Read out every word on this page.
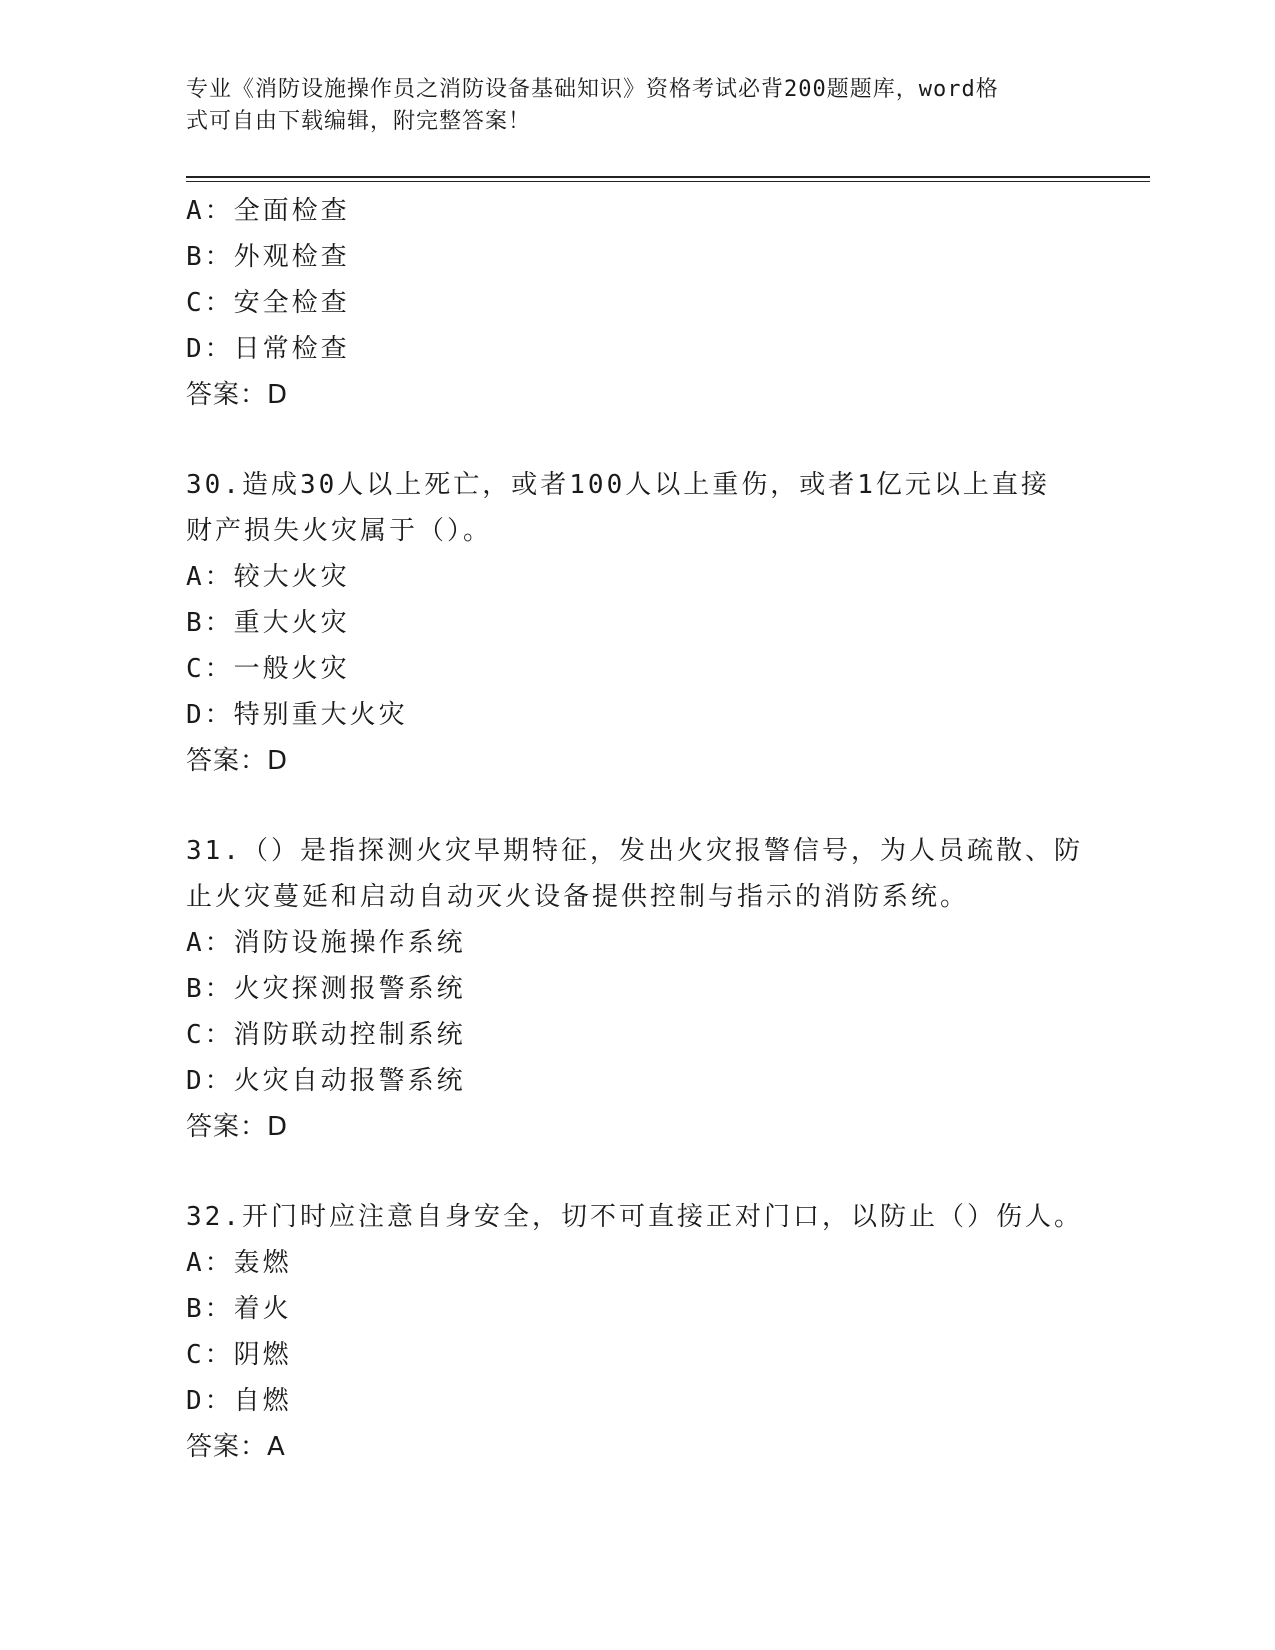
专业《消防设施操作员之消防设备基础知识》资格考试必背200题题库，word格
式可自由下载编辑，附完整答案！
A：全面检查
B：外观检查
C：安全检查
D：日常检查
答案：D
30.造成30人以上死亡，或者100人以上重伤，或者1亿元以上直接
财产损失火灾属于（）。
A：较大火灾
B：重大火灾
C：一般火灾
D：特别重大火灾
答案：D
31.（）是指探测火灾早期特征，发出火灾报警信号，为人员疏散、防
止火灾蔓延和启动自动灭火设备提供控制与指示的消防系统。
A：消防设施操作系统
B：火灾探测报警系统
C：消防联动控制系统
D：火灾自动报警系统
答案：D
32.开门时应注意自身安全，切不可直接正对门口，以防止（）伤人。
A：轰燃
B：着火
C：阴燃
D：自燃
答案：A
